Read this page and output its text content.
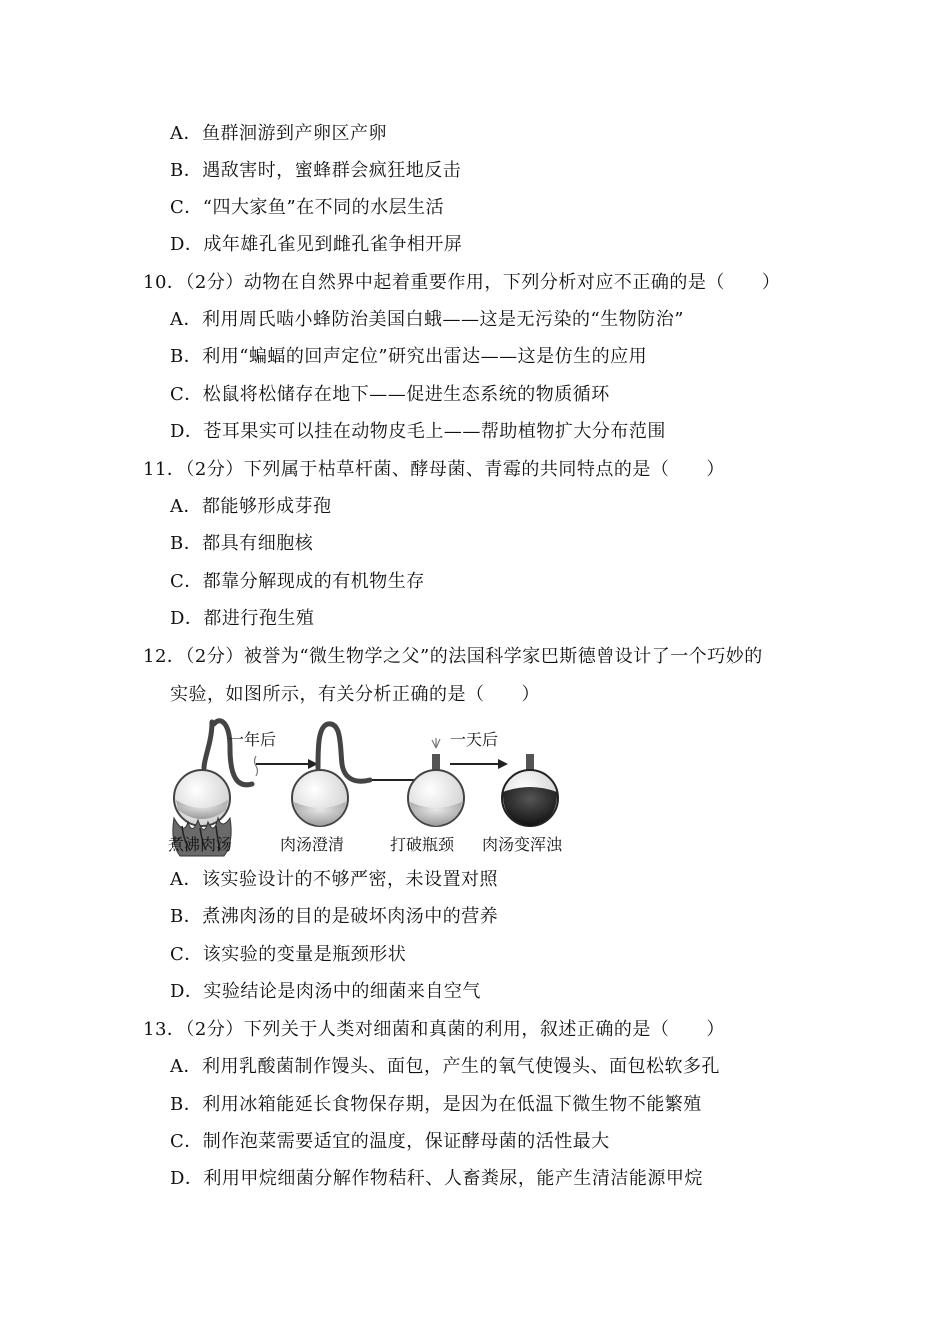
A．鱼群洄游到产卵区产卵
B．遇敌害时，蜜蜂群会疯狂地反击
C．“四大家鱼”在不同的水层生活
D．成年雄孔雀见到雌孔雀争相开屏
10．（2分）动物在自然界中起着重要作用，下列分析对应不正确的是（　　）
A．利用周氏啮小蜂防治美国白蛾——这是无污染的“生物防治”
B．利用“蝙蝠的回声定位”研究出雷达——这是仿生的应用
C．松鼠将松储存在地下——促进生态系统的物质循环
D．苍耳果实可以挂在动物皮毛上——帮助植物扩大分布范围
11．（2分）下列属于枯草杆菌、酵母菌、青霉的共同特点的是（　　）
A．都能够形成芽孢
B．都具有细胞核
C．都靠分解现成的有机物生存
D．都进行孢生殖
12．（2分）被誉为“微生物学之父”的法国科学家巴斯德曾设计了一个巧妙的
实验，如图所示，有关分析正确的是（　　）
一年后	一天后
煮沸肉汤	肉汤澄清	打破瓶颈 肉汤变浑浊
A．该实验设计的不够严密，未设置对照
B．煮沸肉汤的目的是破坏肉汤中的营养
C．该实验的变量是瓶颈形状
D．实验结论是肉汤中的细菌来自空气
13．（2分）下列关于人类对细菌和真菌的利用，叙述正确的是（　　）
A．利用乳酸菌制作馒头、面包，产生的氧气使馒头、面包松软多孔
B．利用冰箱能延长食物保存期，是因为在低温下微生物不能繁殖
C．制作泡菜需要适宜的温度，保证酵母菌的活性最大
D．利用甲烷细菌分解作物秸秆、人畜粪尿，能产生清洁能源甲烷
